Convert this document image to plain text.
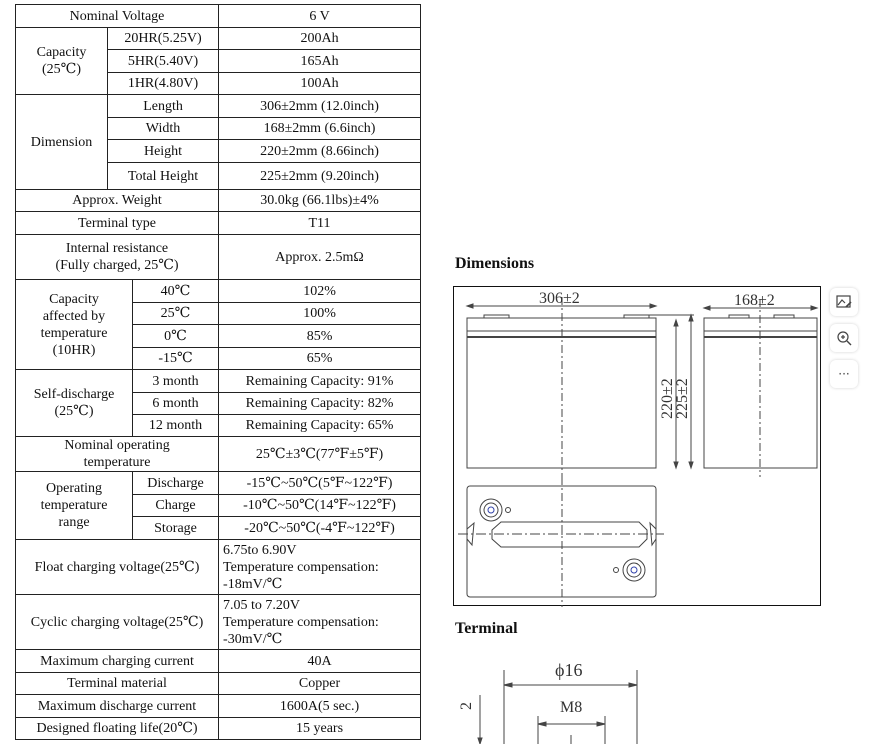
Nominal Voltage			6 V

Capacity
(25℃)	20HR(5.25V)		200Ah
	5HR(5.40V)		165Ah
	1HR(4.80V)		100Ah
Dimension	Length		306±2mm (12.0inch)
	Width		168±2mm (6.6inch)
	Height		220±2mm (8.66inch)
	Total Height		225±2mm (9.20inch)
Approx. Weight			30.0kg (66.1lbs)±4%
Terminal type			T11

Internal resistance
(Fully charged, 25℃)			Approx. 2.5mΩ

Capacity
affected by
temperature
(10HR)		40℃	102%
		25℃	100%
		0℃	85%
		-15℃	65%

Self-discharge
(25℃)		3 month	Remaining Capacity: 91%
		6 month	Remaining Capacity: 82%
		12 month	Remaining Capacity: 65%

Nominal operating
temperature			25℃±3℃(77℉±5℉)

Operating
temperature
range		Discharge	-15℃~50℃(5℉~122℉)
		Charge	-10℃~50℃(14℉~122℉)
		Storage	-20℃~50℃(-4℉~122℉)
Float charging voltage(25℃)			6.75to 6.90V
Temperature compensation:
-18mV/℃

Cyclic charging voltage(25℃)			7.05 to 7.20V
Temperature compensation:
-30mV/℃

Maximum charging current			40A
Terminal material			Copper
Maximum discharge current			1600A(5 sec.)
Designed floating life(20℃)			15 years
Dimensions
306±2	168±2
220±2
225±2
Terminal
ϕ16
M8
2
···
